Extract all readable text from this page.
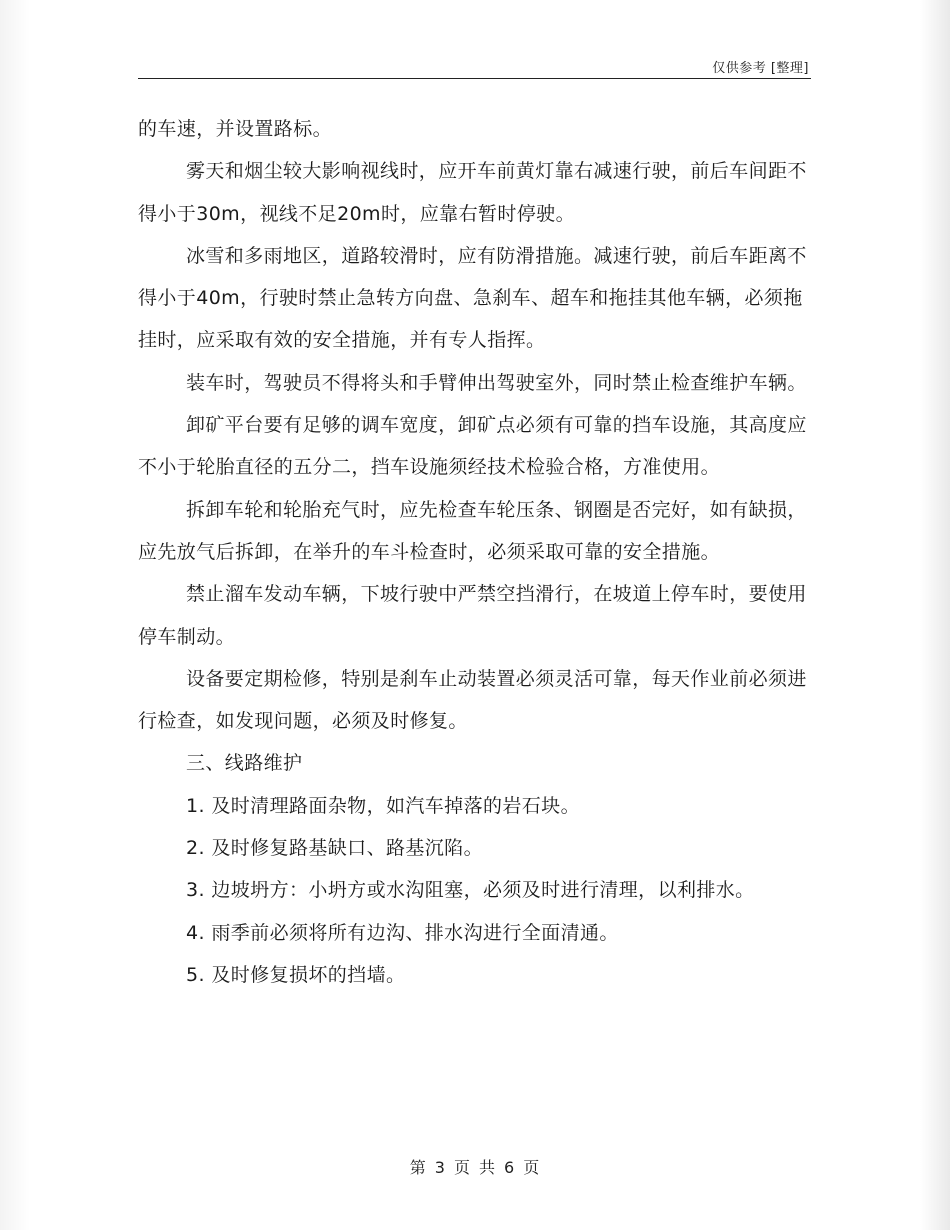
仅供参考 [整理]

的车速，并设置路标。

雾天和烟尘较大影响视线时，应开车前黄灯靠右减速行驶，前后车间距不得小于30m，视线不足20m时，应靠右暂时停驶。

冰雪和多雨地区，道路较滑时，应有防滑措施。减速行驶，前后车距离不得小于40m，行驶时禁止急转方向盘、急刹车、超车和拖挂其他车辆，必须拖挂时，应采取有效的安全措施，并有专人指挥。

装车时，驾驶员不得将头和手臂伸出驾驶室外，同时禁止检查维护车辆。

卸矿平台要有足够的调车宽度，卸矿点必须有可靠的挡车设施，其高度应不小于轮胎直径的五分二，挡车设施须经技术检验合格，方准使用。

拆卸车轮和轮胎充气时，应先检查车轮压条、钢圈是否完好，如有缺损，应先放气后拆卸，在举升的车斗检查时，必须采取可靠的安全措施。

禁止溜车发动车辆，下坡行驶中严禁空挡滑行，在坡道上停车时，要使用停车制动。

设备要定期检修，特别是刹车止动装置必须灵活可靠，每天作业前必须进行检查，如发现问题，必须及时修复。

三、线路维护

1. 及时清理路面杂物，如汽车掉落的岩石块。

2. 及时修复路基缺口、路基沉陷。

3. 边坡坍方：小坍方或水沟阻塞，必须及时进行清理，以利排水。

4. 雨季前必须将所有边沟、排水沟进行全面清通。

5. 及时修复损坏的挡墙。

第 3 页 共 6 页
